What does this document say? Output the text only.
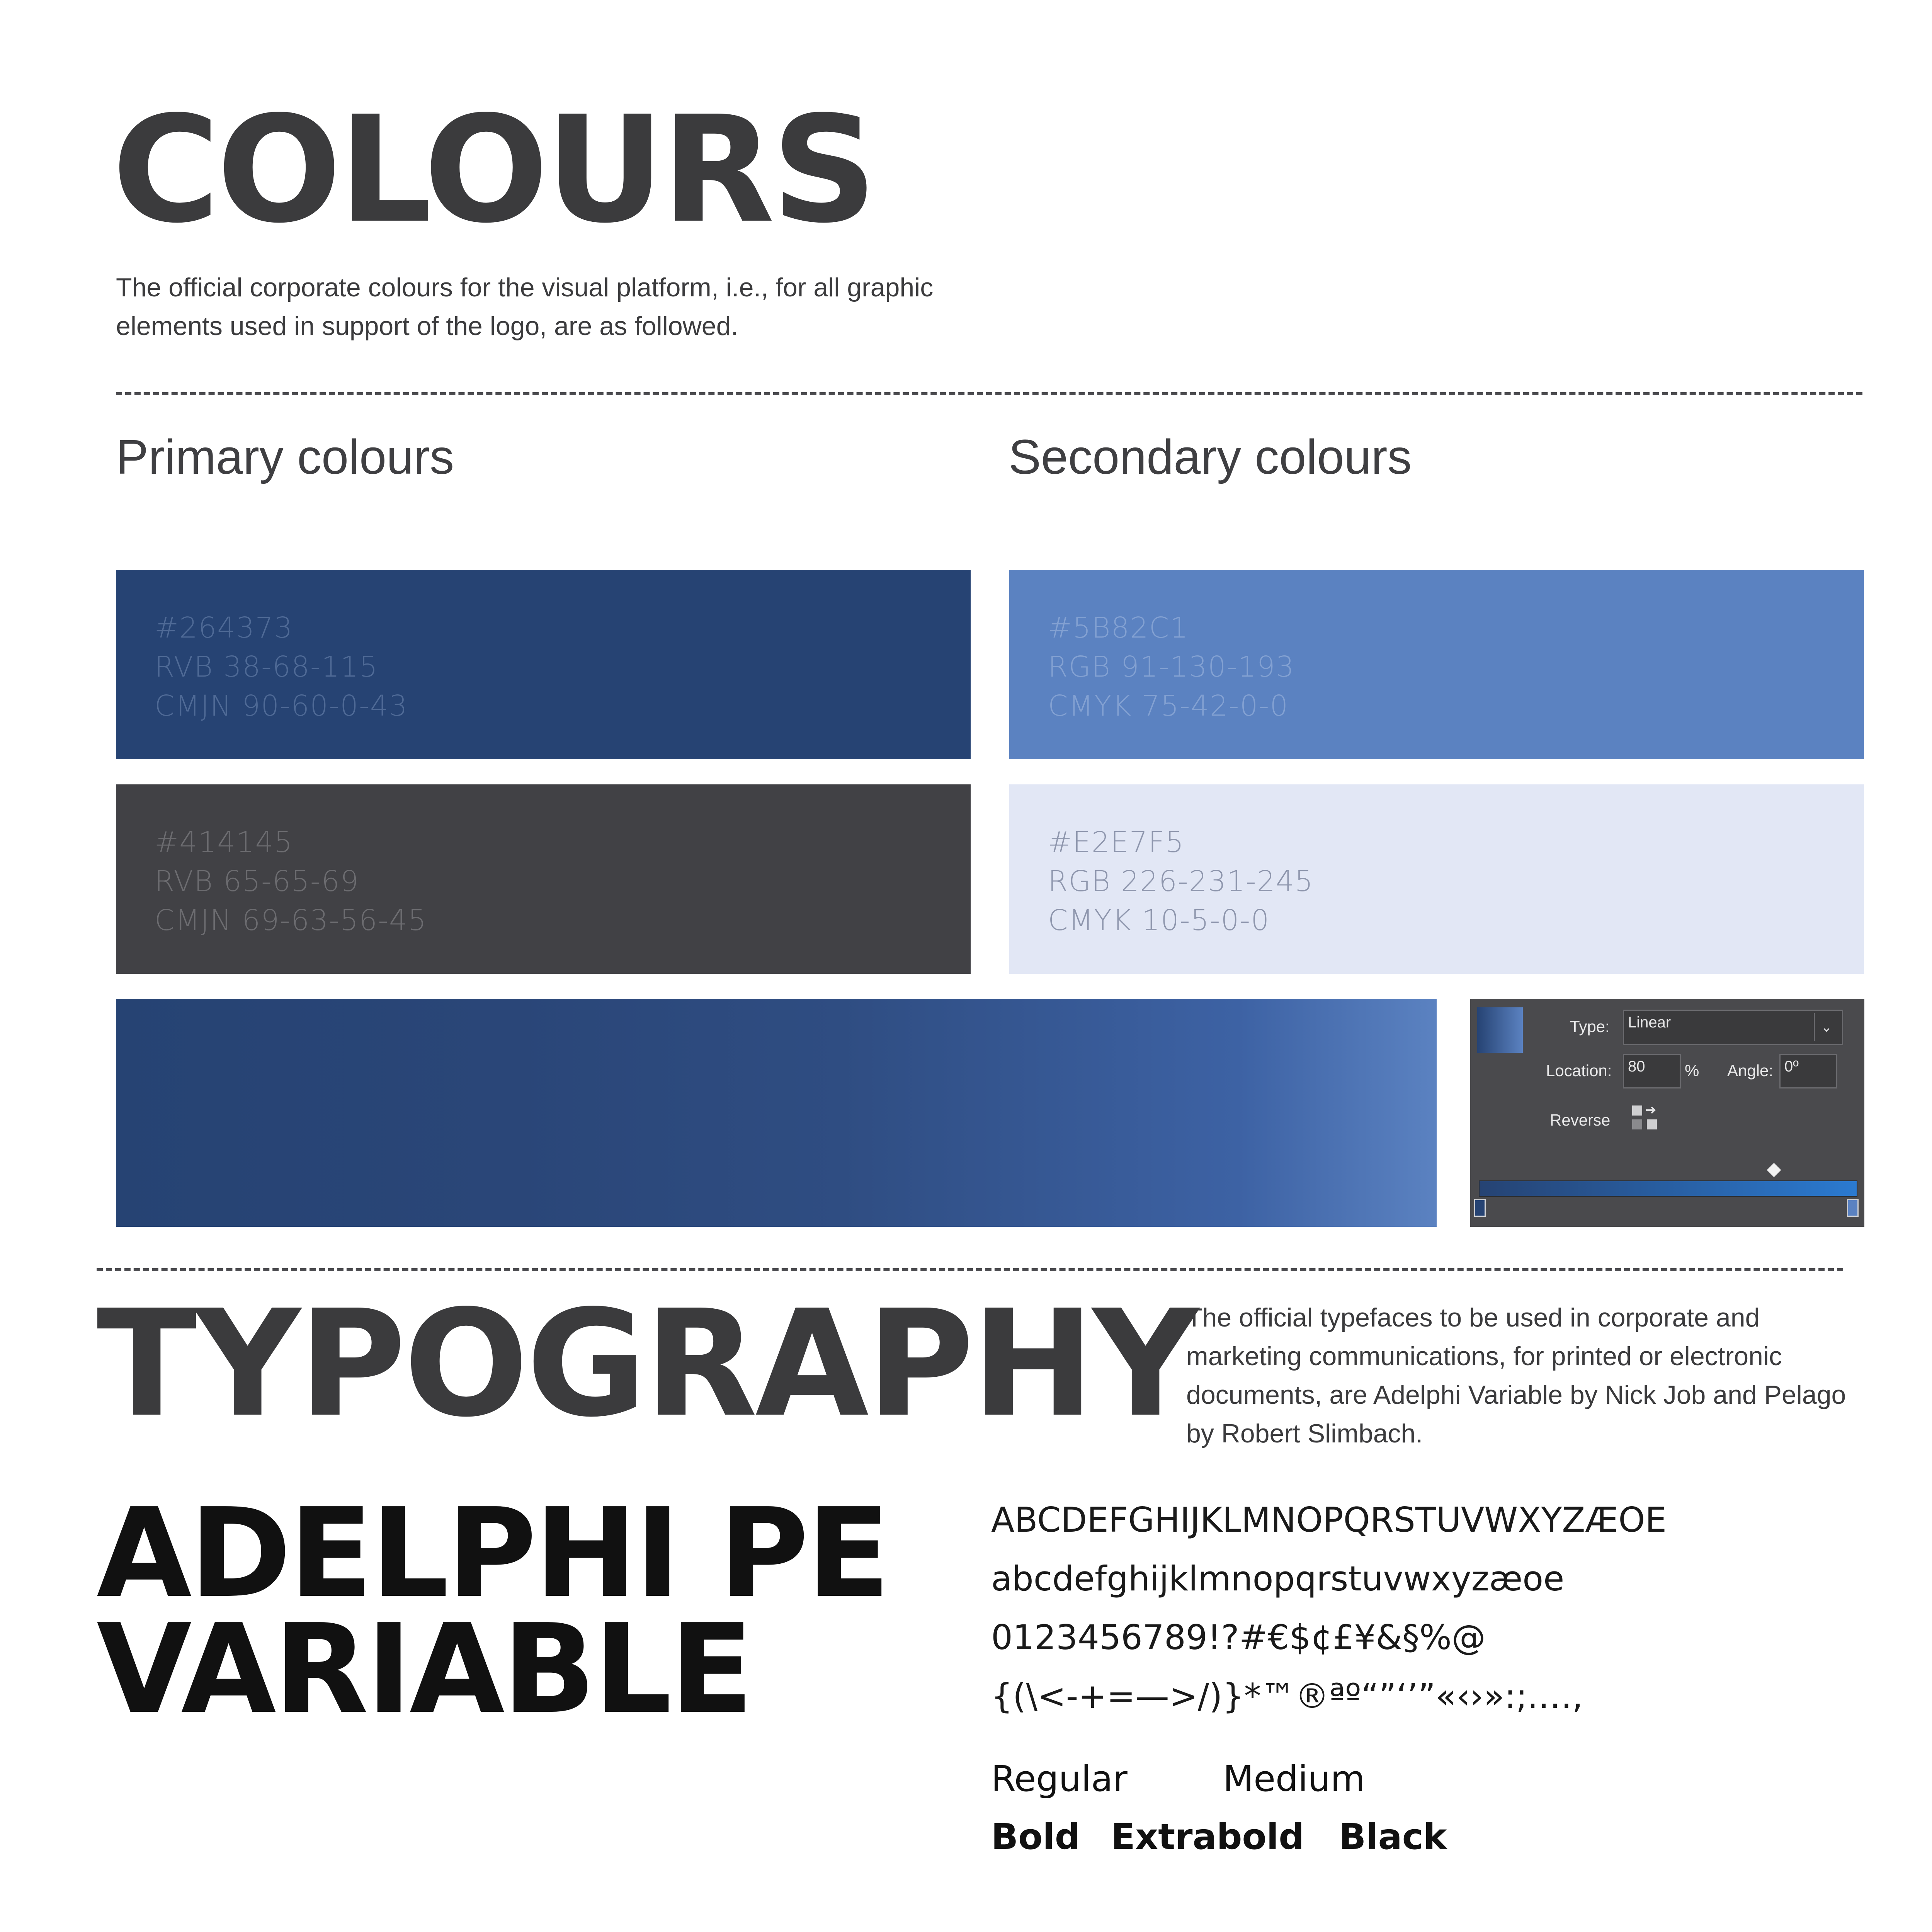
COLOURS
The official corporate colours for the visual platform, i.e., for all graphic
elements used in support of the logo, are as followed.
Primary colours	Secondary colours
#264373
RVB 38-68-115
CMJN 90-60-0-43
#5B82C1
RGB 91-130-193
CMYK 75-42-0-0
#414145
RVB 65-65-69
CMJN 69-63-56-45
#E2E7F5
RGB 226-231-245
CMYK 10-5-0-0
Type:	Linear	⌄
Location:	80	% Angle: 0º
Reverse
TYPOGRAPHY
The official typefaces to be used in corporate and
marketing communications, for printed or electronic
documents, are Adelphi Variable by Nick Job and Pelago
by Robert Slimbach.
ADELPHI PE
VARIABLE
ABCDEFGHIJKLMNOPQRSTUVWXYZÆOE
abcdefghijklmnopqrstuvwxyzæoe
0123456789!?#€$¢£¥&§%@
{(\<-+=—>/)}*™®ªº“”‘’”«‹›»:;.…,
Regular	Medium
Bold Extrabold Black
